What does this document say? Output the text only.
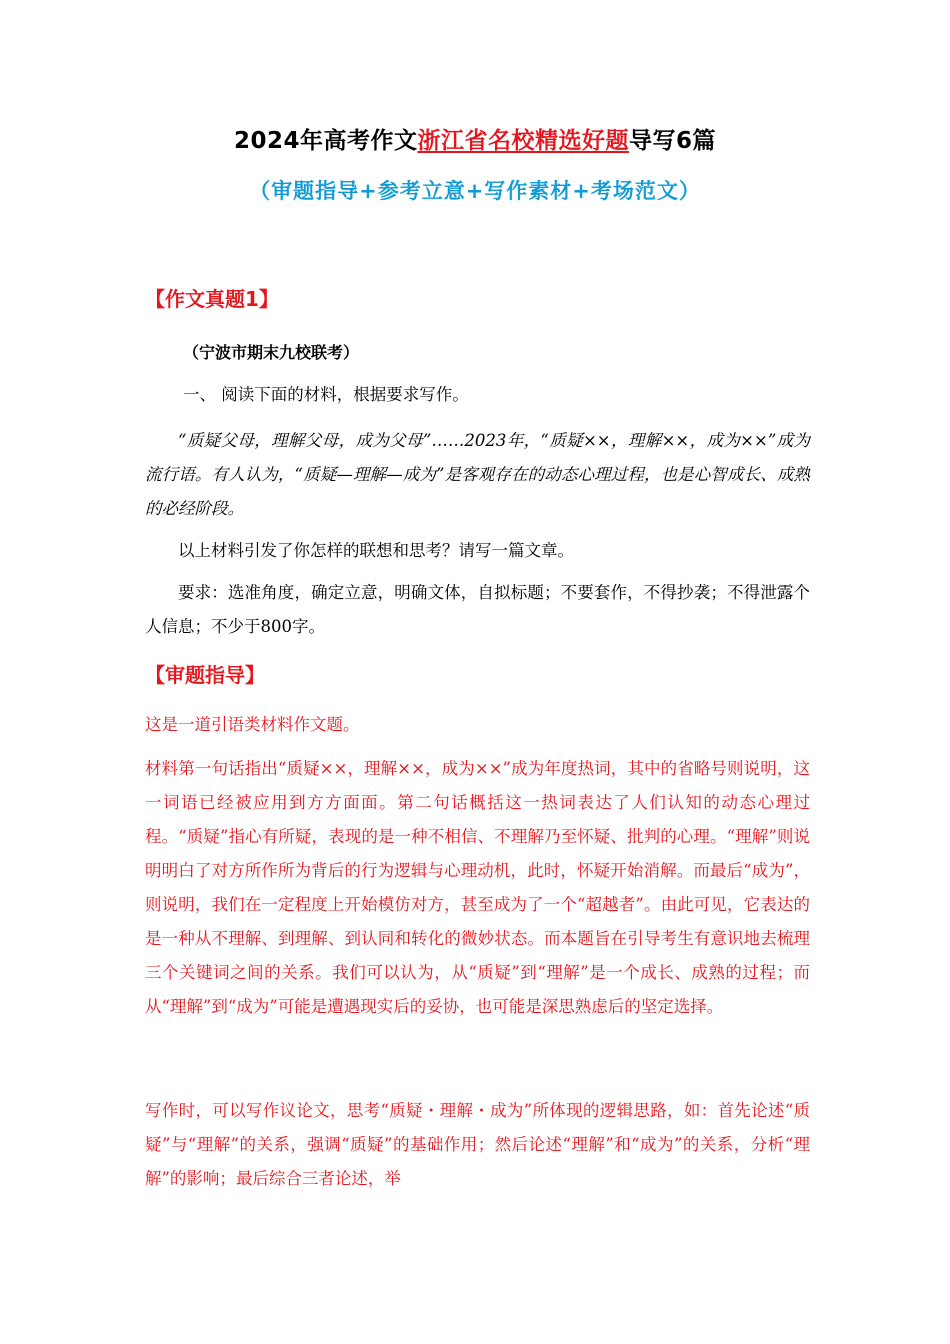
2024年高考作文浙江省名校精选好题导写6篇
（审题指导+参考立意+写作素材+考场范文）
【作文真题1】
（宁波市期末九校联考）

一、 阅读下面的材料，根据要求写作。

“质疑父母，理解父母，成为父母”……2023年，“质疑××，理解××，成为××”成为流行语。有人认为，“质疑—理解—成为”是客观存在的动态心理过程，也是心智成长、成熟的必经阶段。

以上材料引发了你怎样的联想和思考？请写一篇文章。

要求：选准角度，确定立意，明确文体，自拟标题；不要套作，不得抄袭；不得泄露个人信息；不少于800字。

【审题指导】

这是一道引语类材料作文题。

材料第一句话指出“质疑××，理解××，成为××”成为年度热词，其中的省略号则说明，这一词语已经被应用到方方面面。第二句话概括这一热词表达了人们认知的动态心理过程。“质疑”指心有所疑，表现的是一种不相信、不理解乃至怀疑、批判的心理。“理解”则说明明白了对方所作所为背后的行为逻辑与心理动机，此时，怀疑开始消解。而最后“成为”，则说明，我们在一定程度上开始模仿对方，甚至成为了一个“超越者”。由此可见，它表达的是一种从不理解、到理解、到认同和转化的微妙状态。而本题旨在引导考生有意识地去梳理三个关键词之间的关系。我们可以认为，从“质疑”到“理解”是一个成长、成熟的过程；而从“理解”到“成为”可能是遭遇现实后的妥协，也可能是深思熟虑后的坚定选择。

写作时，可以写作议论文，思考“质疑・理解・成为”所体现的逻辑思路，如：首先论述“质疑”与“理解”的关系，强调“质疑”的基础作用；然后论述“理解”和“成为”的关系，分析“理解”的影响；最后综合三者论述，举
